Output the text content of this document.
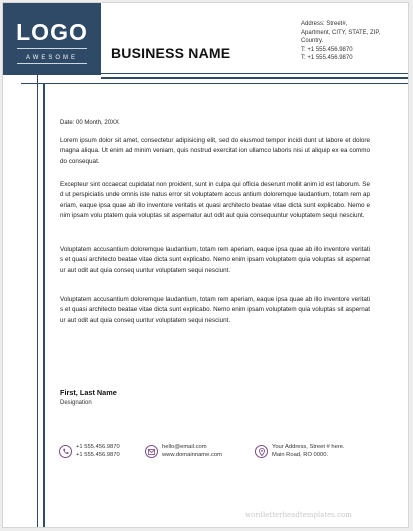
LOGO
AWESOME	BUSINESS NAME
Address: Street#,
Apartment, CITY, STATE, ZIP,
Country.
T: +1 555.456.9870
T: +1 555.456.9870
Date: 00 Month, 20XX
Lorem ipsum dolor sit amet, consectetur adipisicing elit, sed do eiusmod tempor incidi dunt ut labore et dolore magna aliqua. Ut enim ad minim veniam, quis nostrud exercitat ion ullamco laboris nisi ut aliquip ex ea commodo consequat.
Excepteur sint occaecat cupidatat non proident, sunt in culpa qui officia deserunt mollit anim id est laborum. Sed ut perspiciatis unde omnis iste natus error sit voluptatem accus antium doloremque laudantium, totam rem aperiam, eaque ipsa quae ab illo inventore veritatis et quasi architecto beatae vitae dicta sunt explicabo. Nemo enim ipsam volu ptatem quia voluptas sit aspernatur aut odit aut quia consequuntur voluptatem sequi nesciunt.
Voluptatem accusantium doloremque laudantium, totam rem aperiam, eaque ipsa quae ab illo inventore veritatis et quasi architecto beatae vitae dicta sunt explicabo. Nemo enim ipsam voluptatem quia voluptas sit aspernatur aut odit aut quia conseq uuntur voluptatem sequi nesciunt.
Voluptatem accusantium doloremque laudantium, totam rem aperiam, eaque ipsa quae ab illo inventore veritatis et quasi architecto beatae vitae dicta sunt explicabo. Nemo enim ipsam voluptatem quia voluptas sit aspernatur aut odit aut quia conseq uuntur voluptatem sequi nesciunt.
First, Last Name
Designation
+1 555.456.9870
+1 555.456.9870
hello@email.com
www.domainname.com
Your Address, Street # here.
Main Road, RO 0000.
wordletterheadtemplates.com
